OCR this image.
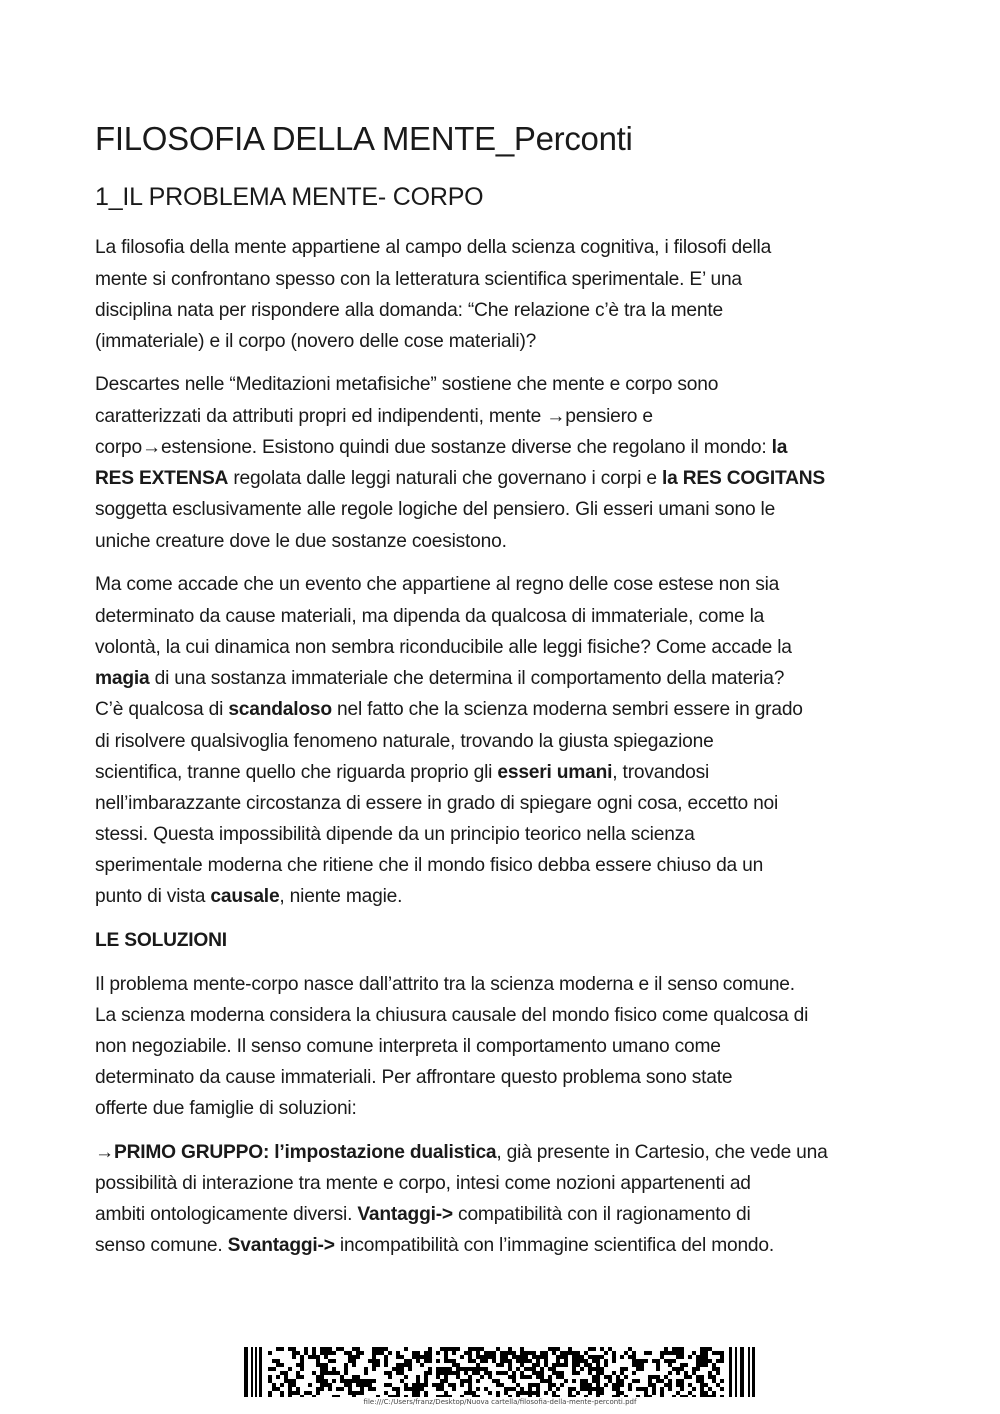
FILOSOFIA DELLA MENTE_Perconti
1_IL PROBLEMA MENTE- CORPO
La filosofia della mente appartiene al campo della scienza cognitiva, i filosofi della
mente si confrontano spesso con la letteratura scientifica sperimentale. E’ una
disciplina nata per rispondere alla domanda: “Che relazione c’è tra la mente
(immateriale) e il corpo (novero delle cose materiali)?
Descartes nelle “Meditazioni metafisiche” sostiene che mente e corpo sono
caratterizzati da attributi propri ed indipendenti, mente →pensiero e
corpo→estensione. Esistono quindi due sostanze diverse che regolano il mondo: la
RES EXTENSA regolata dalle leggi naturali che governano i corpi e la RES COGITANS
soggetta esclusivamente alle regole logiche del pensiero. Gli esseri umani sono le
uniche creature dove le due sostanze coesistono.
Ma come accade che un evento che appartiene al regno delle cose estese non sia
determinato da cause materiali, ma dipenda da qualcosa di immateriale, come la
volontà, la cui dinamica non sembra riconducibile alle leggi fisiche? Come accade la
magia di una sostanza immateriale che determina il comportamento della materia?
C’è qualcosa di scandaloso nel fatto che la scienza moderna sembri essere in grado
di risolvere qualsivoglia fenomeno naturale, trovando la giusta spiegazione
scientifica, tranne quello che riguarda proprio gli esseri umani, trovandosi
nell’imbarazzante circostanza di essere in grado di spiegare ogni cosa, eccetto noi
stessi. Questa impossibilità dipende da un principio teorico nella scienza
sperimentale moderna che ritiene che il mondo fisico debba essere chiuso da un
punto di vista causale, niente magie.
LE SOLUZIONI
Il problema mente-corpo nasce dall’attrito tra la scienza moderna e il senso comune.
La scienza moderna considera la chiusura causale del mondo fisico come qualcosa di
non negoziabile. Il senso comune interpreta il comportamento umano come
determinato da cause immateriali. Per affrontare questo problema sono state
offerte due famiglie di soluzioni:
→PRIMO GRUPPO: l’impostazione dualistica, già presente in Cartesio, che vede una
possibilità di interazione tra mente e corpo, intesi come nozioni appartenenti ad
ambiti ontologicamente diversi. Vantaggi-> compatibilità con il ragionamento di
senso comune. Svantaggi-> incompatibilità con l’immagine scientifica del mondo.
file:///C:/Users/franz/Desktop/Nuova cartella/filosofia-della-mente-perconti.pdf
